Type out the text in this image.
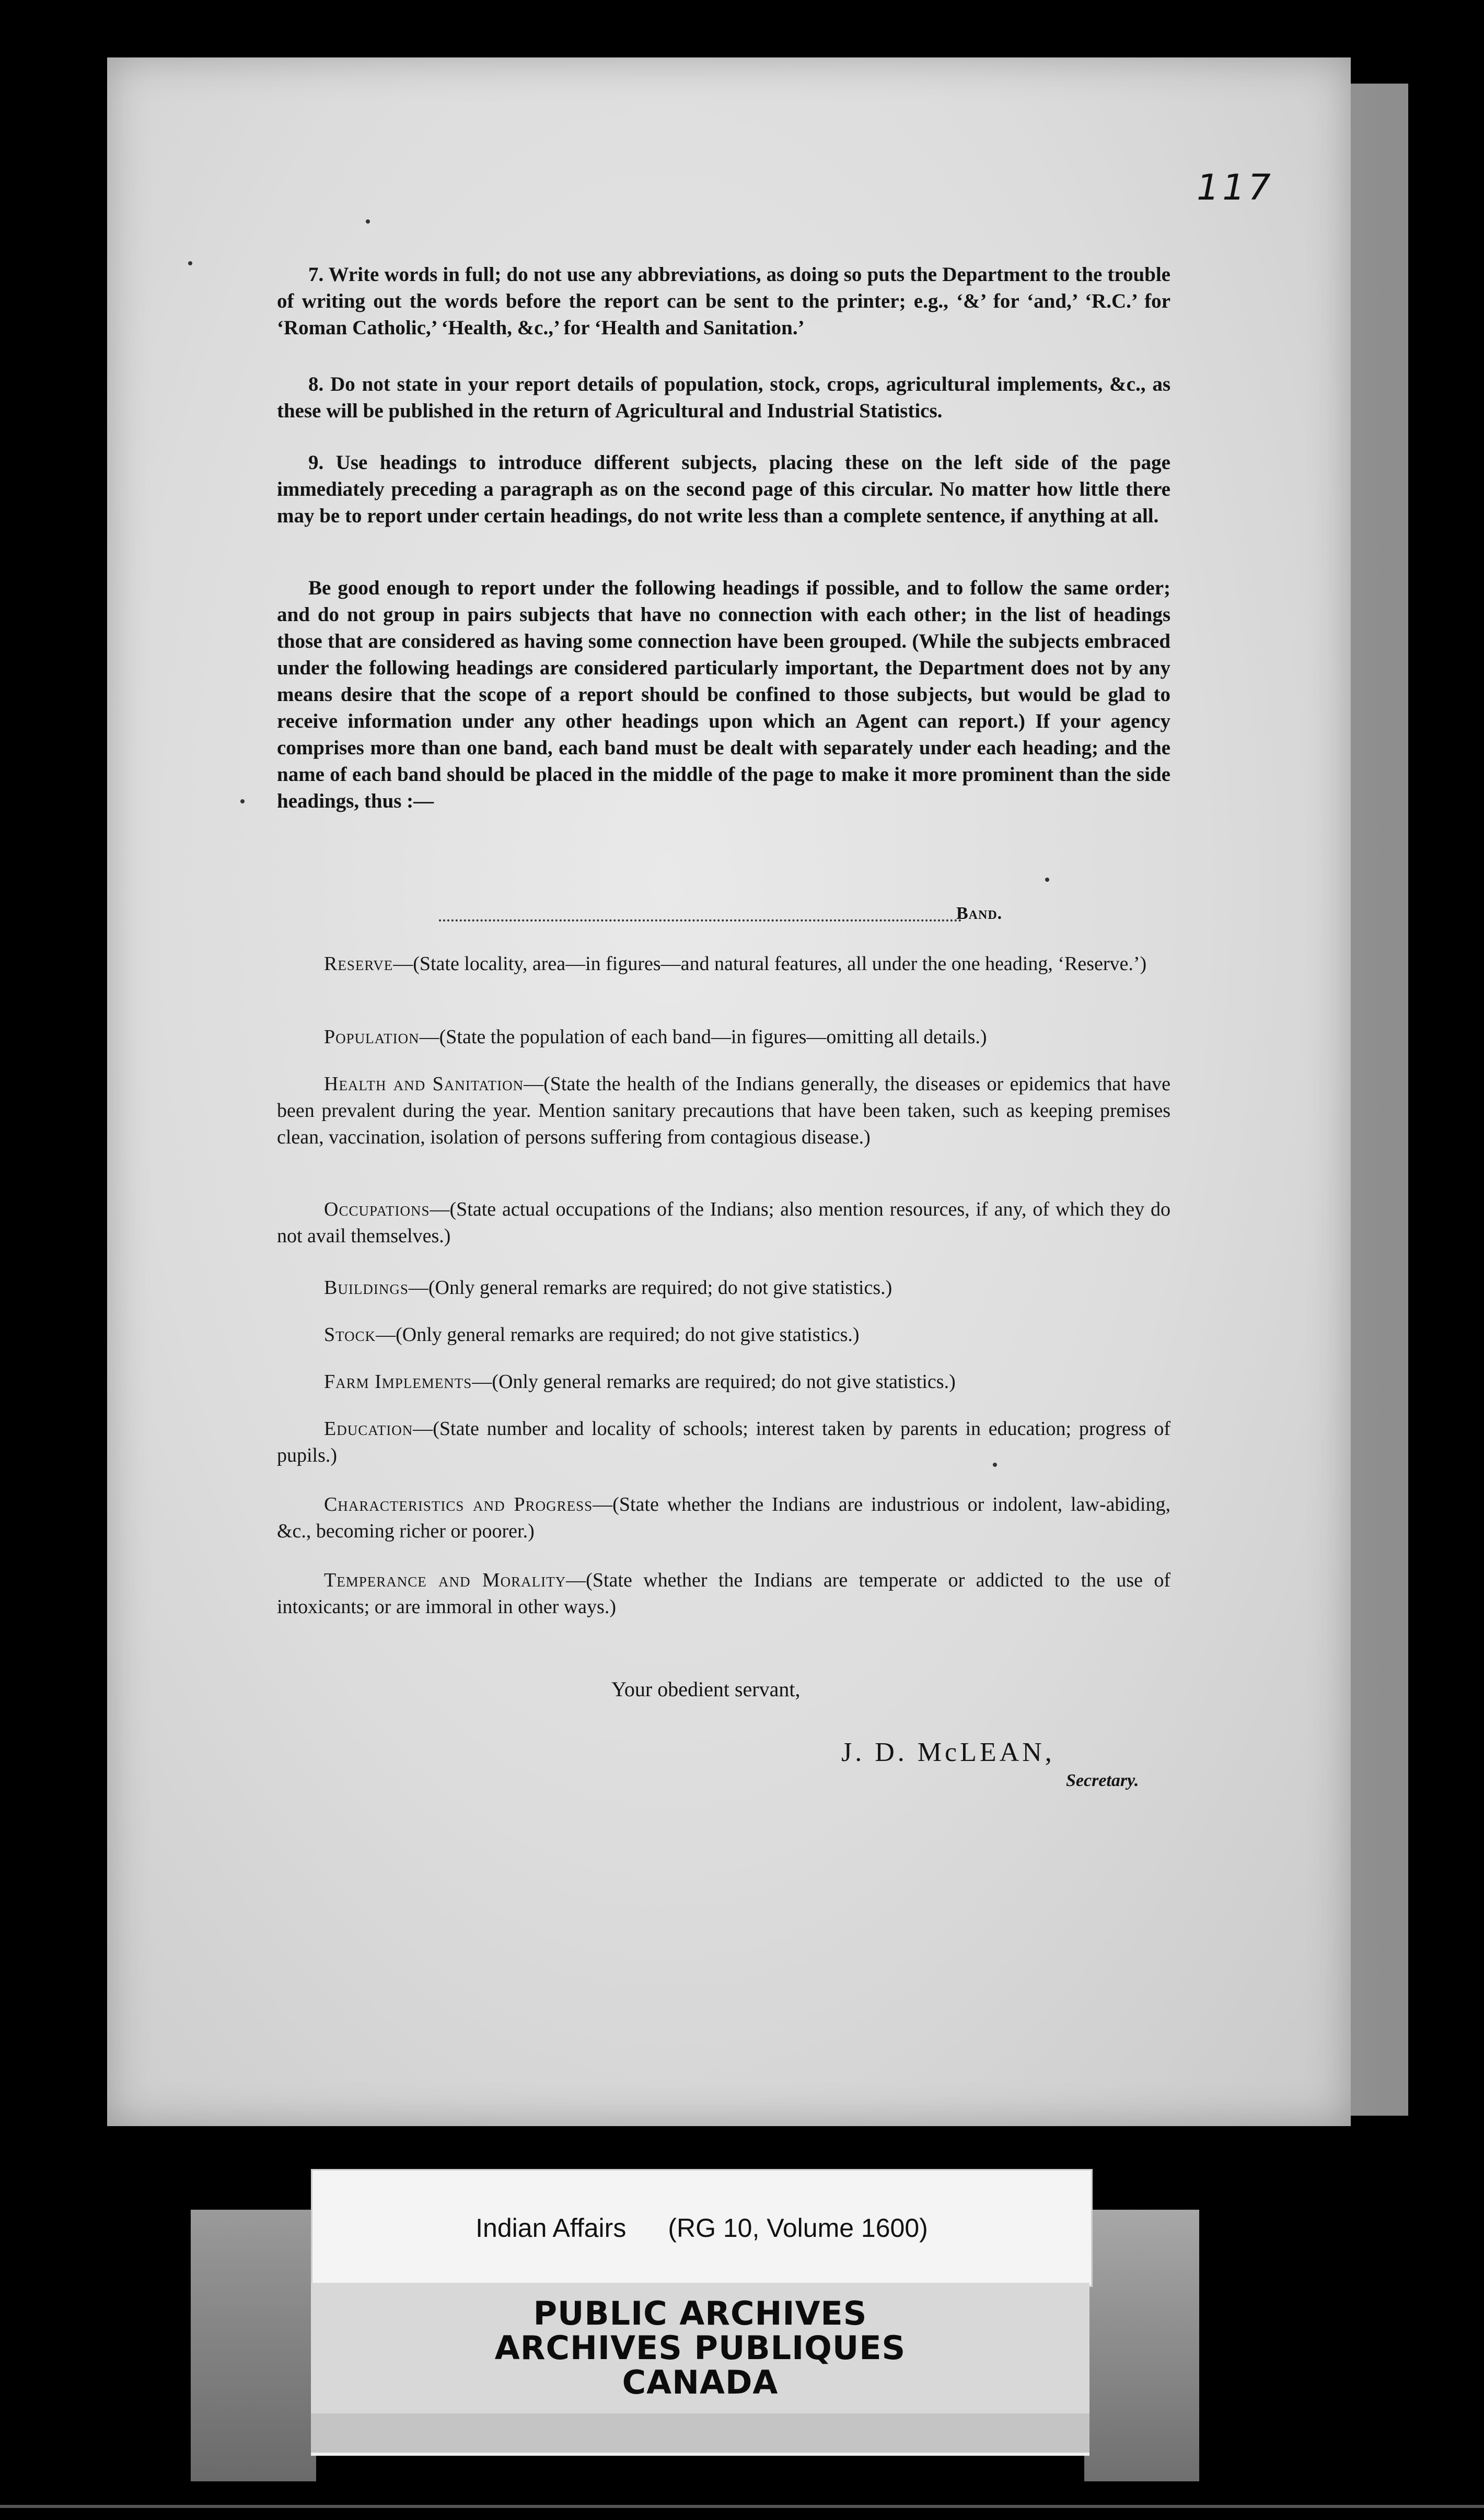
117

7. Write words in full; do not use any abbreviations, as doing so puts the Department to the trouble of writing out the words before the report can be sent to the printer; e.g., ‘&’ for ‘and,’ ‘R.C.’ for ‘Roman Catholic,’ ‘Health, &c.,’ for ‘Health and Sanitation.’

8. Do not state in your report details of population, stock, crops, agricultural implements, &c., as these will be published in the return of Agricultural and Industrial Statistics.

9. Use headings to introduce different subjects, placing these on the left side of the page immediately preceding a paragraph as on the second page of this circular. No matter how little there may be to report under certain headings, do not write less than a complete sentence, if anything at all.

Be good enough to report under the following headings if possible, and to follow the same order; and do not group in pairs subjects that have no connection with each other; in the list of headings those that are considered as having some connection have been grouped. (While the subjects embraced under the following headings are considered particularly important, the Department does not by any means desire that the scope of a report should be confined to those subjects, but would be glad to receive information under any other headings upon which an Agent can report.) If your agency comprises more than one band, each band must be dealt with separately under each heading; and the name of each band should be placed in the middle of the page to make it more prominent than the side headings, thus :—

Band.

Reserve—(State locality, area—in figures—and natural features, all under the one heading, ‘Reserve.’)

Population—(State the population of each band—in figures—omitting all details.)

Health and Sanitation—(State the health of the Indians generally, the diseases or epidemics that have been prevalent during the year. Mention sanitary precautions that have been taken, such as keeping premises clean, vaccination, isolation of persons suffering from contagious disease.)

Occupations—(State actual occupations of the Indians; also mention resources, if any, of which they do not avail themselves.)

Buildings—(Only general remarks are required; do not give statistics.)

Stock—(Only general remarks are required; do not give statistics.)

Farm Implements—(Only general remarks are required; do not give statistics.)

Education—(State number and locality of schools; interest taken by parents in education; progress of pupils.)

Characteristics and Progress—(State whether the Indians are industrious or indolent, law-abiding, &c., becoming richer or poorer.)

Temperance and Morality—(State whether the Indians are temperate or addicted to the use of intoxicants; or are immoral in other ways.)

Your obedient servant,
J. D. McLEAN,
Secretary.
Indian Affairs (RG 10, Volume 1600)
PUBLIC ARCHIVES
ARCHIVES PUBLIQUES
CANADA
